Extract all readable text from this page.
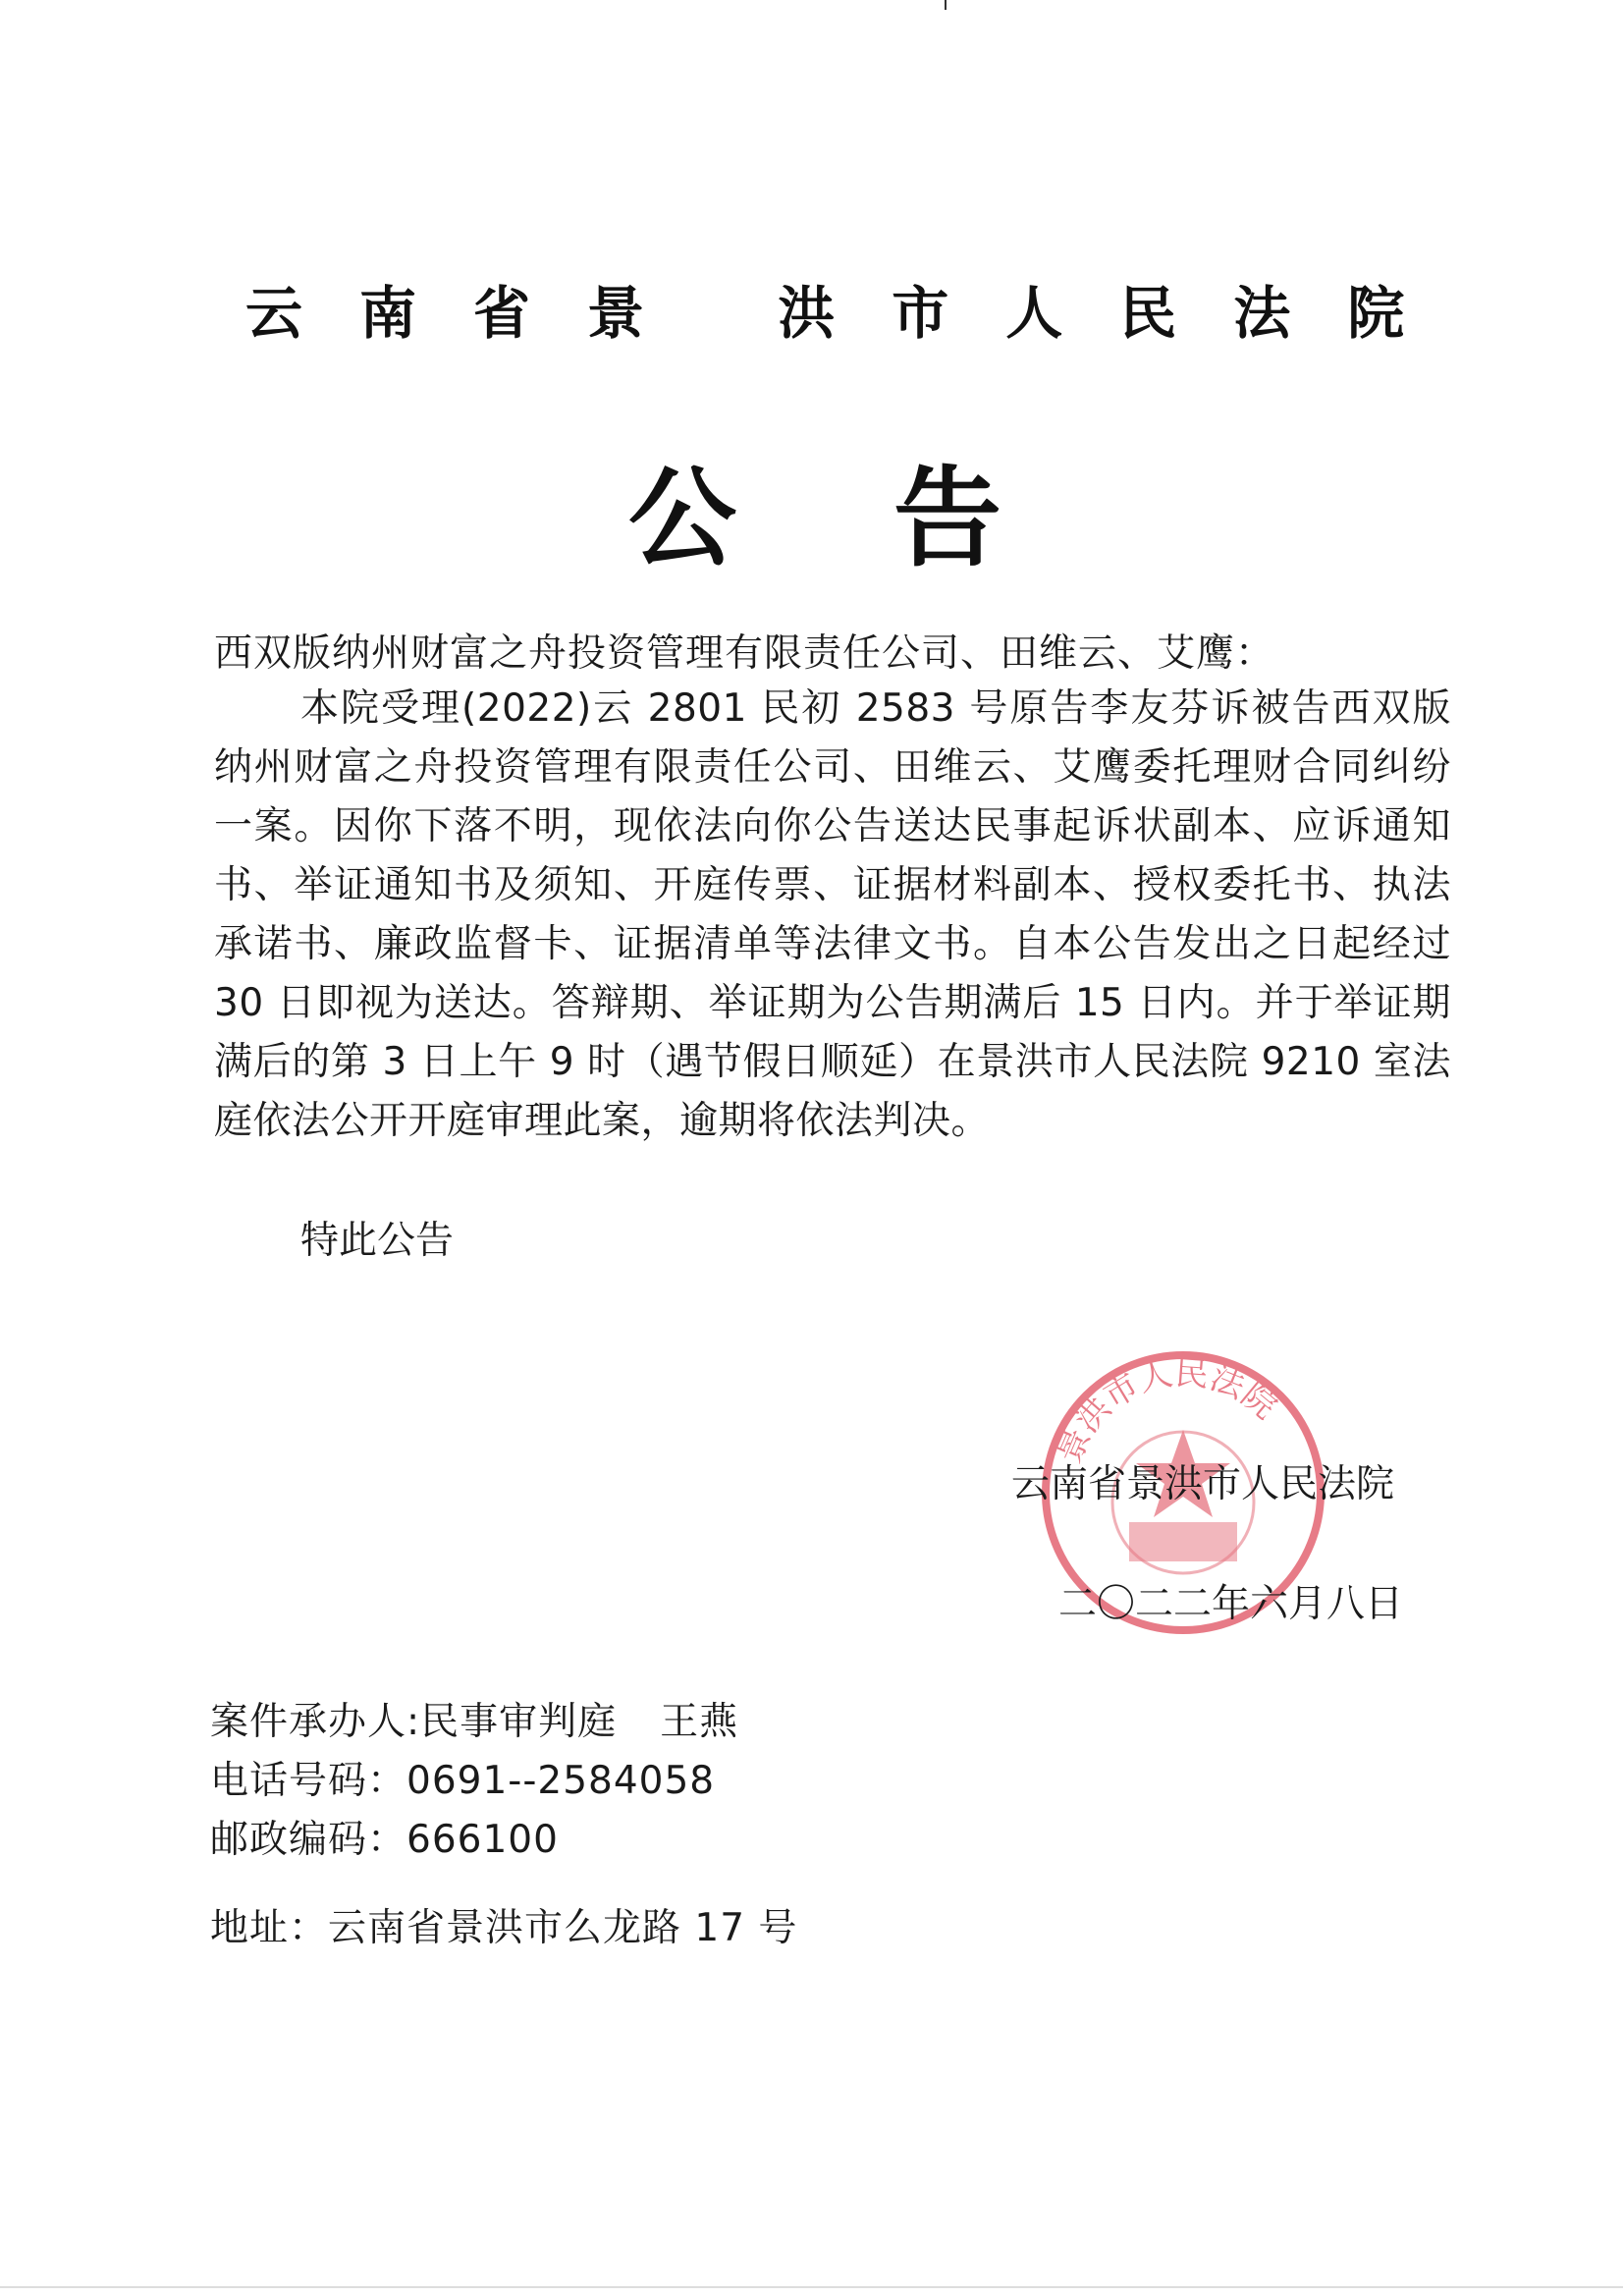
云南省景 洪市人民法院
公告
西双版纳州财富之舟投资管理有限责任公司、田维云、艾鹰：
本院受理(2022)云 2801 民初 2583 号原告李友芬诉被告西双版纳州财富之舟投资管理有限责任公司、田维云、艾鹰委托理财合同纠纷一案。因你下落不明，现依法向你公告送达民事起诉状副本、应诉通知书、举证通知书及须知、开庭传票、证据材料副本、授权委托书、执法承诺书、廉政监督卡、证据清单等法律文书。自本公告发出之日起经过 30 日即视为送达。答辩期、举证期为公告期满后 15 日内。并于举证期满后的第 3 日上午 9 时（遇节假日顺延）在景洪市人民法院 9210 室法庭依法公开开庭审理此案，逾期将依法判决。
特此公告
景洪市人民法院
云南省景洪市人民法院
二〇二二年六月八日
案件承办人:民事审判庭 王燕
电话号码：0691--2584058
邮政编码：666100
地址：云南省景洪市么龙路 17 号
